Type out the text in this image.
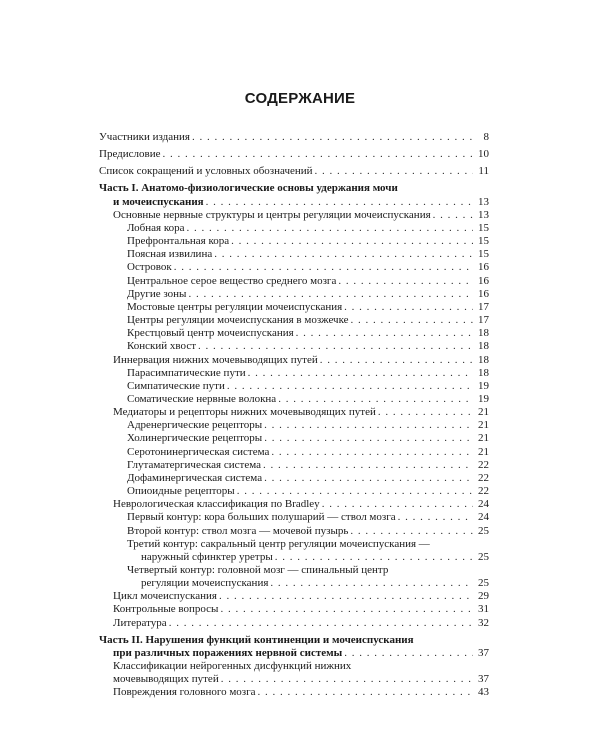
СОДЕРЖАНИЕ
Участники издания . . .	8
Предисловие . . .	10
Список сокращений и условных обозначений . . .	11
Часть I. Анатомо-физиологические основы удержания мочи
и мочеиспускания . . .	13
Основные нервные структуры и центры регуляции мочеиспускания . . .	13
Лобная кора . . .	15
Префронтальная кора . . .	15
Поясная извилина . . .	15
Островок . . .	16
Центральное серое вещество среднего мозга . . .	16
Другие зоны . . .	16
Мостовые центры регуляции мочеиспускания . . .	17
Центры регуляции мочеиспускания в мозжечке . . .	17
Крестцовый центр мочеиспускания . . .	18
Конский хвост . . .	18
Иннервация нижних мочевыводящих путей . . .	18
Парасимпатические пути . . .	18
Симпатические пути . . .	19
Соматические нервные волокна . . .	19
Медиаторы и рецепторы нижних мочевыводящих путей . . .	21
Адренергические рецепторы . . .	21
Холинергические рецепторы . . .	21
Серотонинергическая система . . .	21
Глутаматергическая система . . .	22
Дофаминергическая система . . .	22
Опиоидные рецепторы . . .	22
Неврологическая классификация по Bradley . . .	24
Первый контур: кора больших полушарий — ствол мозга . . .	24
Второй контур: ствол мозга — мочевой пузырь . . .	25
Третий контур: сакральный центр регуляции мочеиспускания —
наружный сфинктер уретры . . .	25
Четвертый контур: головной мозг — спинальный центр
регуляции мочеиспускания . . .	25
Цикл мочеиспускания . . .	29
Контрольные вопросы . . .	31
Литература . . .	32
Часть II. Нарушения функций континенции и мочеиспускания
при различных поражениях нервной системы . . .	37
Классификации нейрогенных дисфункций нижних
мочевыводящих путей . . .	37
Повреждения головного мозга . . .	43
